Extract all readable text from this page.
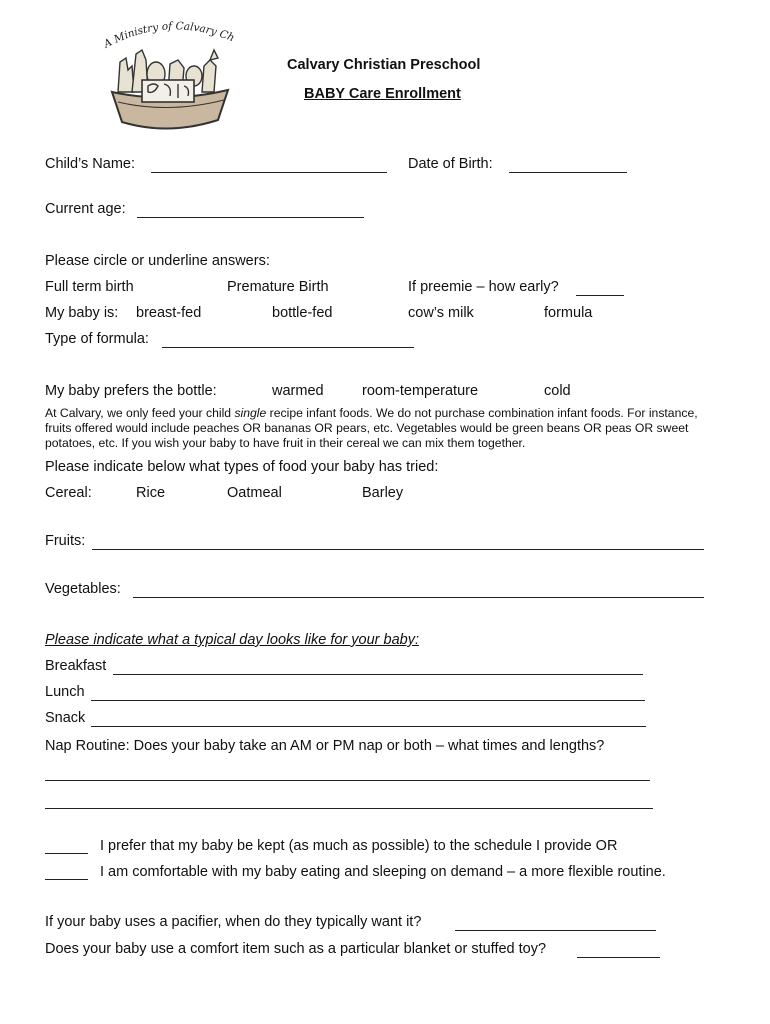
A Ministry of Calvary Ch
Calvary Christian Preschool
BABY Care Enrollment
Child’s Name:	Date of Birth:
Current age:
Please circle or underline answers:
Full term birth	Premature Birth	If preemie – how early?
My baby is: breast-fed	bottle-fed	cow’s milk	formula
Type of formula:
My baby prefers the bottle:	warmed	room-temperature	cold
At Calvary, we only feed your child single recipe infant foods. We do not purchase combination infant foods. For instance, fruits offered would include peaches OR bananas OR pears, etc. Vegetables would be green beans OR peas OR sweet potatoes, etc. If you wish your baby to have fruit in their cereal we can mix them together.
Please indicate below what types of food your baby has tried:
Cereal:	Rice	Oatmeal	Barley
Fruits:
Vegetables:
Please indicate what a typical day looks like for your baby:
Breakfast
Lunch
Snack
Nap Routine: Does your baby take an AM or PM nap or both – what times and lengths?
I prefer that my baby be kept (as much as possible) to the schedule I provide OR
I am comfortable with my baby eating and sleeping on demand – a more flexible routine.
If your baby uses a pacifier, when do they typically want it?
Does your baby use a comfort item such as a particular blanket or stuffed toy?
